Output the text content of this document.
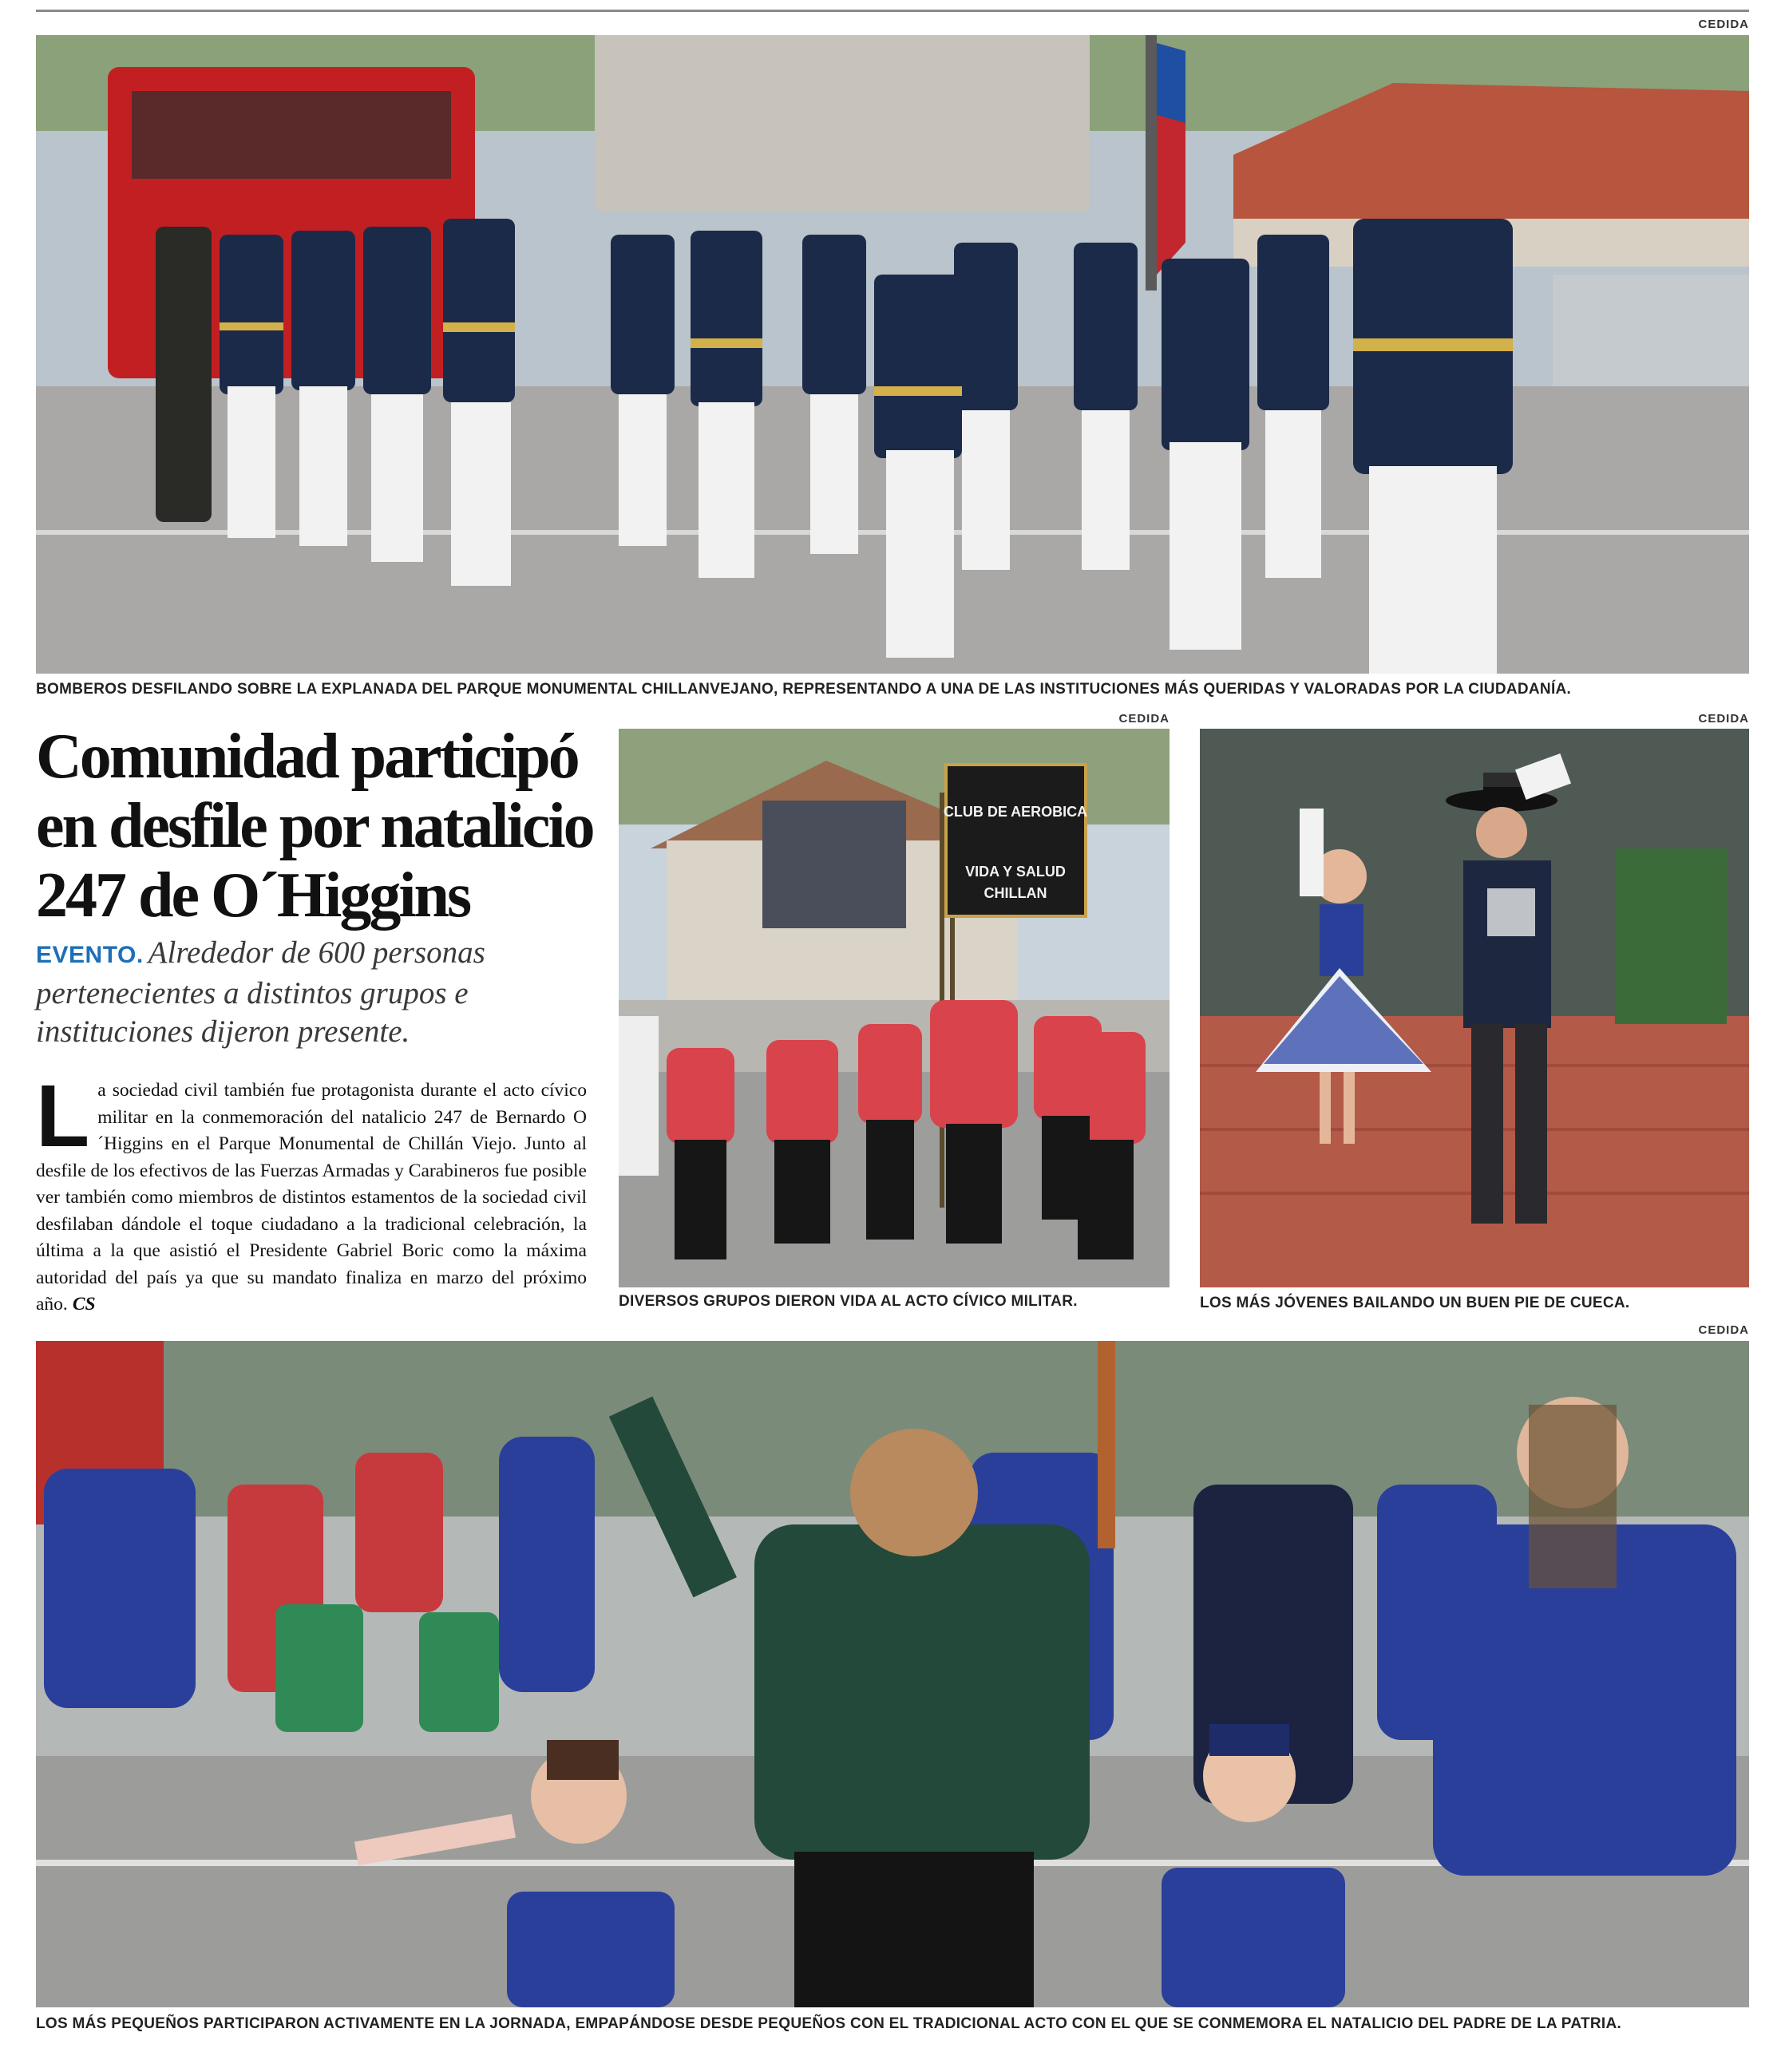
CEDIDA
BOMBEROS DESFILANDO SOBRE LA EXPLANADA DEL PARQUE MONUMENTAL CHILLANVEJANO, REPRESENTANDO A UNA DE LAS INSTITUCIONES MÁS QUERIDAS Y VALORADAS POR LA CIUDADANÍA.
Comunidad participó en desfile por natalicio 247 de O´Higgins
EVENTO. Alrededor de 600 personas pertenecientes a distintos grupos e instituciones dijeron presente.
La sociedad civil también fue protagonista durante el acto cívico militar en la conmemoración del natalicio 247 de Bernardo O´Higgins en el Parque Monumental de Chillán Viejo. Junto al desfile de los efectivos de las Fuerzas Armadas y Carabineros fue posible ver también como miembros de distintos estamentos de la sociedad civil desfilaban dándole el toque ciudadano a la tradicional celebración, la última a la que asistió el Presidente Gabriel Boric como la máxima autoridad del país ya que su mandato finaliza en marzo del próximo año. CS
CEDIDA
CLUB DE AEROBICA
VIDA Y SALUD
CHILLAN
DIVERSOS GRUPOS DIERON VIDA AL ACTO CÍVICO MILITAR.
CEDIDA
LOS MÁS JÓVENES BAILANDO UN BUEN PIE DE CUECA.
CEDIDA
LOS MÁS PEQUEÑOS PARTICIPARON ACTIVAMENTE EN LA JORNADA, EMPAPÁNDOSE DESDE PEQUEÑOS CON EL TRADICIONAL ACTO CON EL QUE SE CONMEMORA EL NATALICIO DEL PADRE DE LA PATRIA.
